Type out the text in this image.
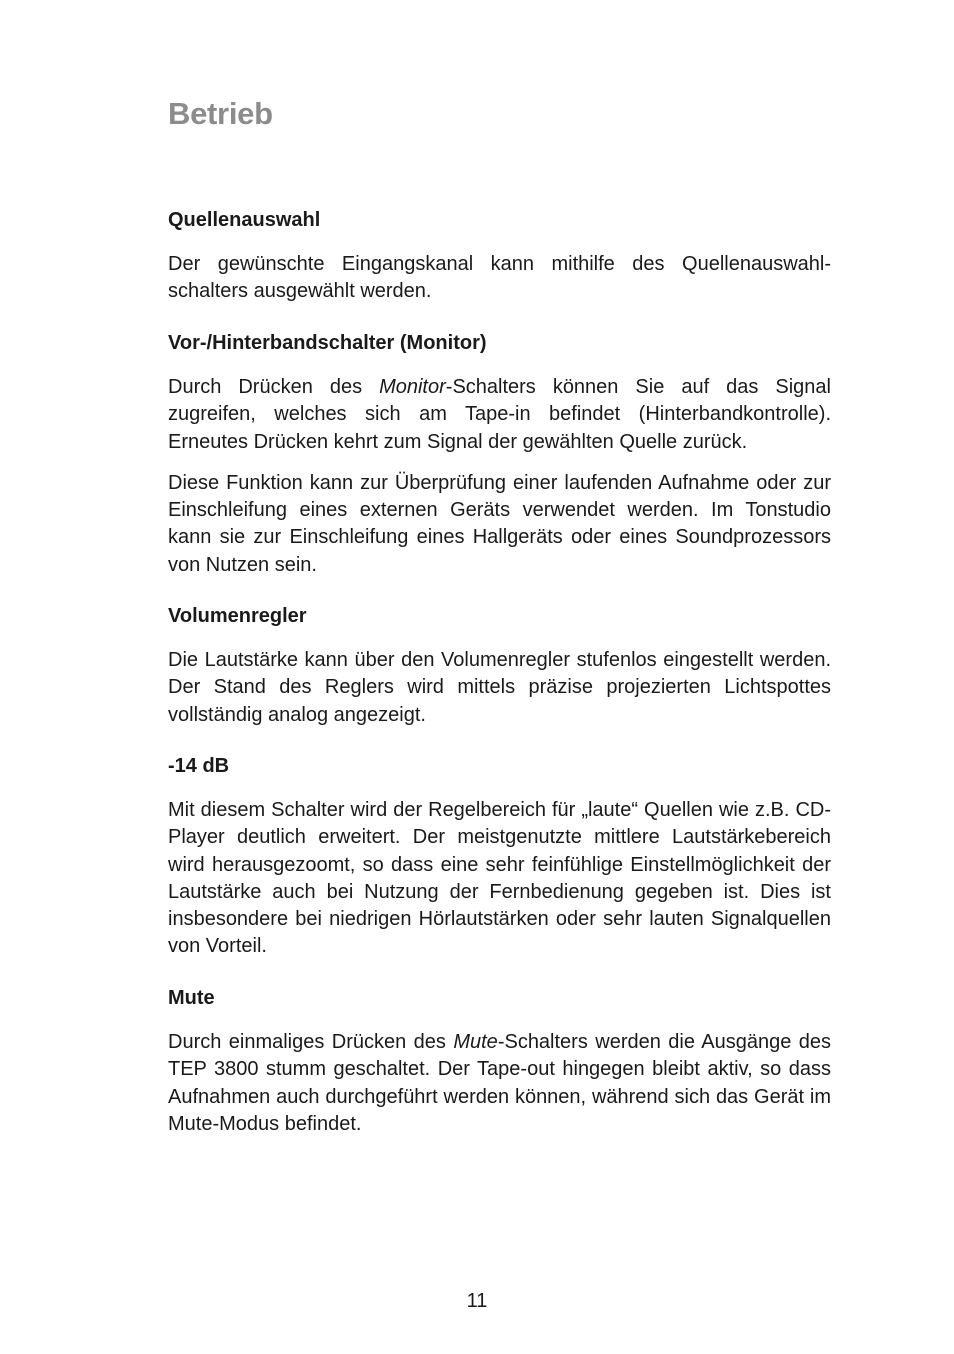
Betrieb
Quellenauswahl

Der gewünschte Eingangskanal kann mithilfe des Quellenauswahlschalters ausgewählt werden.

Vor-/Hinterbandschalter (Monitor)

Durch Drücken des Monitor-Schalters können Sie auf das Signal zugreifen, welches sich am Tape-in befindet (Hinterbandkontrolle). Erneutes Drücken kehrt zum Signal der gewählten Quelle zurück.

Diese Funktion kann zur Überprüfung einer laufenden Aufnahme oder zur Einschleifung eines externen Geräts verwendet werden. Im Tonstudio kann sie zur Einschleifung eines Hallgeräts oder eines Soundprozessors von Nutzen sein.

Volumenregler

Die Lautstärke kann über den Volumenregler stufenlos eingestellt werden. Der Stand des Reglers wird mittels präzise projezierten Lichtspottes vollständig analog angezeigt.

-14 dB

Mit diesem Schalter wird der Regelbereich für „laute“ Quellen wie z.B. CD-Player deutlich erweitert. Der meistgenutzte mittlere Lautstärkebereich wird herausgezoomt, so dass eine sehr feinfühlige Einstellmöglichkeit der Lautstärke auch bei Nutzung der Fernbedienung gegeben ist. Dies ist insbesondere bei niedrigen Hörlautstärken oder sehr lauten Signalquellen von Vorteil.

Mute

Durch einmaliges Drücken des Mute-Schalters werden die Ausgänge des TEP 3800 stumm geschaltet. Der Tape-out hingegen bleibt aktiv, so dass Aufnahmen auch durchgeführt werden können, während sich das Gerät im Mute-Modus befindet.

11
